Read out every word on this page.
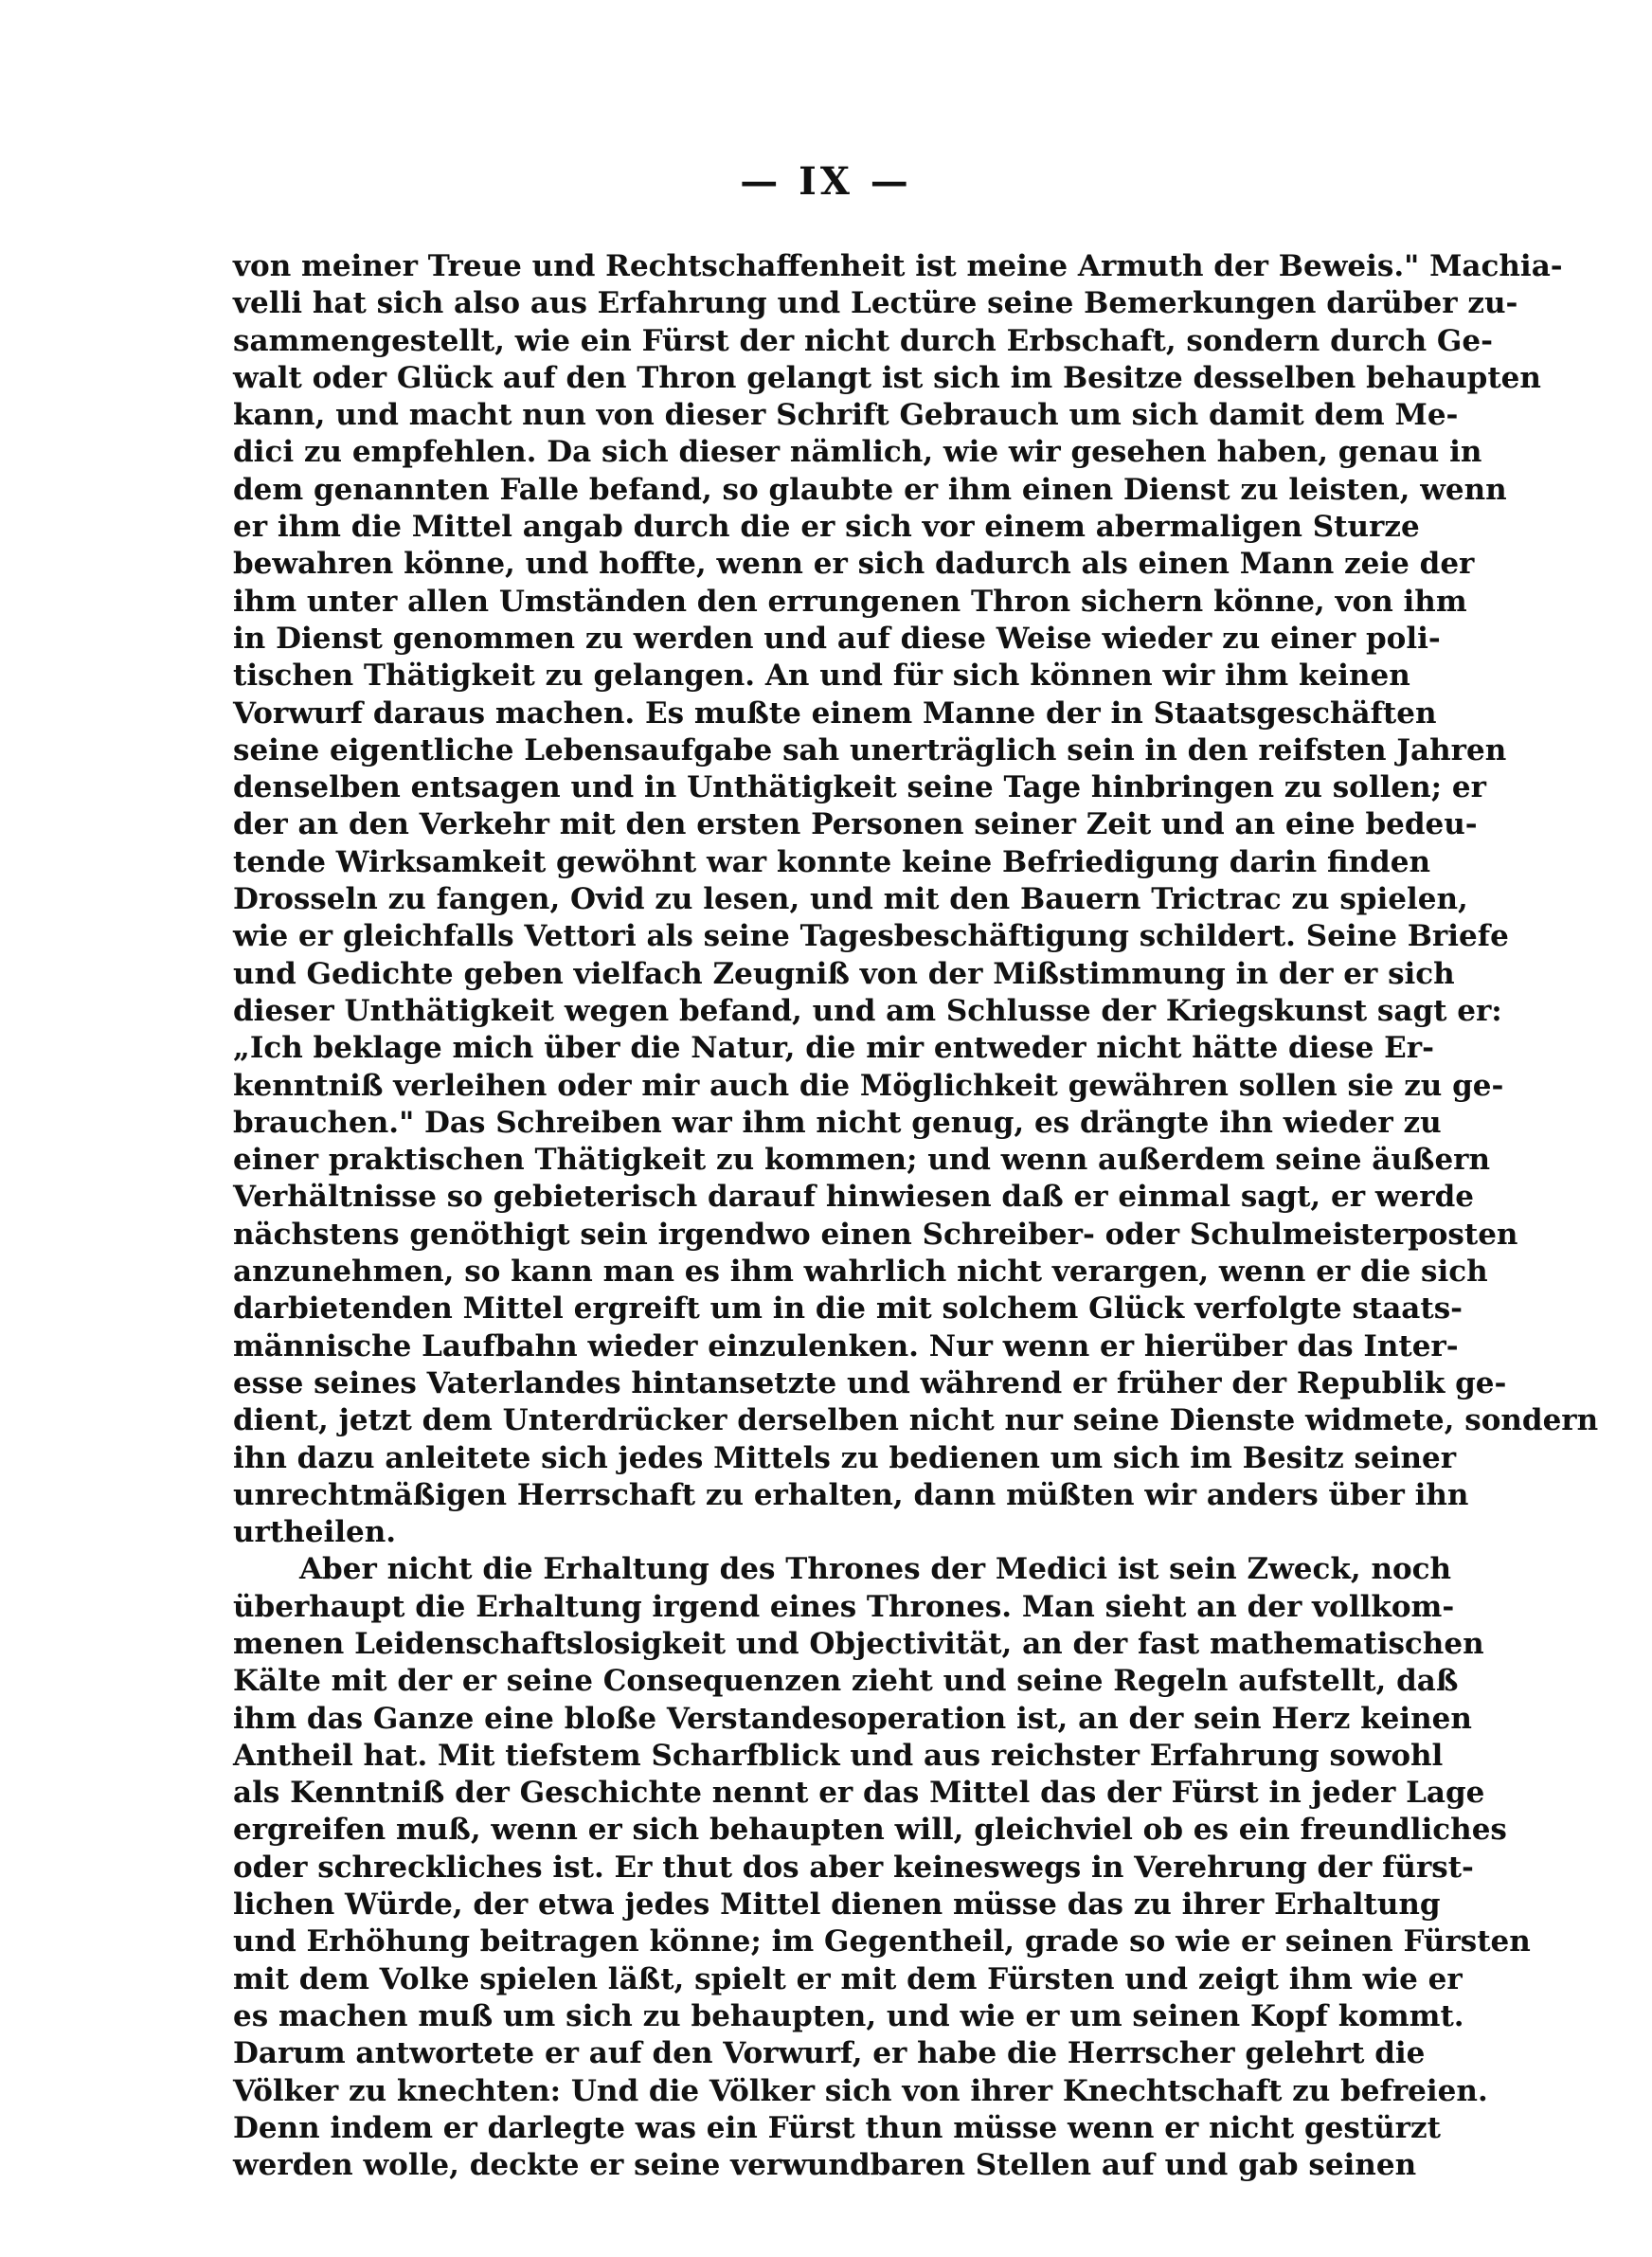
— IX —
von meiner Treue und Rechtschaffenheit ist meine Armuth der Beweis." Machia-
velli hat sich also aus Erfahrung und Lectüre seine Bemerkungen darüber zu-
sammengestellt, wie ein Fürst der nicht durch Erbschaft, sondern durch Ge-
walt oder Glück auf den Thron gelangt ist sich im Besitze desselben behaupten
kann, und macht nun von dieser Schrift Gebrauch um sich damit dem Me-
dici zu empfehlen. Da sich dieser nämlich, wie wir gesehen haben, genau in
dem genannten Falle befand, so glaubte er ihm einen Dienst zu leisten, wenn
er ihm die Mittel angab durch die er sich vor einem abermaligen Sturze
bewahren könne, und hoffte, wenn er sich dadurch als einen Mann zeie der
ihm unter allen Umständen den errungenen Thron sichern könne, von ihm
in Dienst genommen zu werden und auf diese Weise wieder zu einer poli-
tischen Thätigkeit zu gelangen. An und für sich können wir ihm keinen
Vorwurf daraus machen. Es mußte einem Manne der in Staatsgeschäften
seine eigentliche Lebensaufgabe sah unerträglich sein in den reifsten Jahren
denselben entsagen und in Unthätigkeit seine Tage hinbringen zu sollen; er
der an den Verkehr mit den ersten Personen seiner Zeit und an eine bedeu-
tende Wirksamkeit gewöhnt war konnte keine Befriedigung darin finden
Drosseln zu fangen, Ovid zu lesen, und mit den Bauern Trictrac zu spielen,
wie er gleichfalls Vettori als seine Tagesbeschäftigung schildert. Seine Briefe
und Gedichte geben vielfach Zeugniß von der Mißstimmung in der er sich
dieser Unthätigkeit wegen befand, und am Schlusse der Kriegskunst sagt er:
„Ich beklage mich über die Natur, die mir entweder nicht hätte diese Er-
kenntniß verleihen oder mir auch die Möglichkeit gewähren sollen sie zu ge-
brauchen." Das Schreiben war ihm nicht genug, es drängte ihn wieder zu
einer praktischen Thätigkeit zu kommen; und wenn außerdem seine äußern
Verhältnisse so gebieterisch darauf hinwiesen daß er einmal sagt, er werde
nächstens genöthigt sein irgendwo einen Schreiber- oder Schulmeisterposten
anzunehmen, so kann man es ihm wahrlich nicht verargen, wenn er die sich
darbietenden Mittel ergreift um in die mit solchem Glück verfolgte staats-
männische Laufbahn wieder einzulenken. Nur wenn er hierüber das Inter-
esse seines Vaterlandes hintansetzte und während er früher der Republik ge-
dient, jetzt dem Unterdrücker derselben nicht nur seine Dienste widmete, sondern
ihn dazu anleitete sich jedes Mittels zu bedienen um sich im Besitz seiner
unrechtmäßigen Herrschaft zu erhalten, dann müßten wir anders über ihn
urtheilen.
Aber nicht die Erhaltung des Thrones der Medici ist sein Zweck, noch
überhaupt die Erhaltung irgend eines Thrones. Man sieht an der vollkom-
menen Leidenschaftslosigkeit und Objectivität, an der fast mathematischen
Kälte mit der er seine Consequenzen zieht und seine Regeln aufstellt, daß
ihm das Ganze eine bloße Verstandesoperation ist, an der sein Herz keinen
Antheil hat. Mit tiefstem Scharfblick und aus reichster Erfahrung sowohl
als Kenntniß der Geschichte nennt er das Mittel das der Fürst in jeder Lage
ergreifen muß, wenn er sich behaupten will, gleichviel ob es ein freundliches
oder schreckliches ist. Er thut dos aber keineswegs in Verehrung der fürst-
lichen Würde, der etwa jedes Mittel dienen müsse das zu ihrer Erhaltung
und Erhöhung beitragen könne; im Gegentheil, grade so wie er seinen Fürsten
mit dem Volke spielen läßt, spielt er mit dem Fürsten und zeigt ihm wie er
es machen muß um sich zu behaupten, und wie er um seinen Kopf kommt.
Darum antwortete er auf den Vorwurf, er habe die Herrscher gelehrt die
Völker zu knechten: Und die Völker sich von ihrer Knechtschaft zu befreien.
Denn indem er darlegte was ein Fürst thun müsse wenn er nicht gestürzt
werden wolle, deckte er seine verwundbaren Stellen auf und gab seinen
